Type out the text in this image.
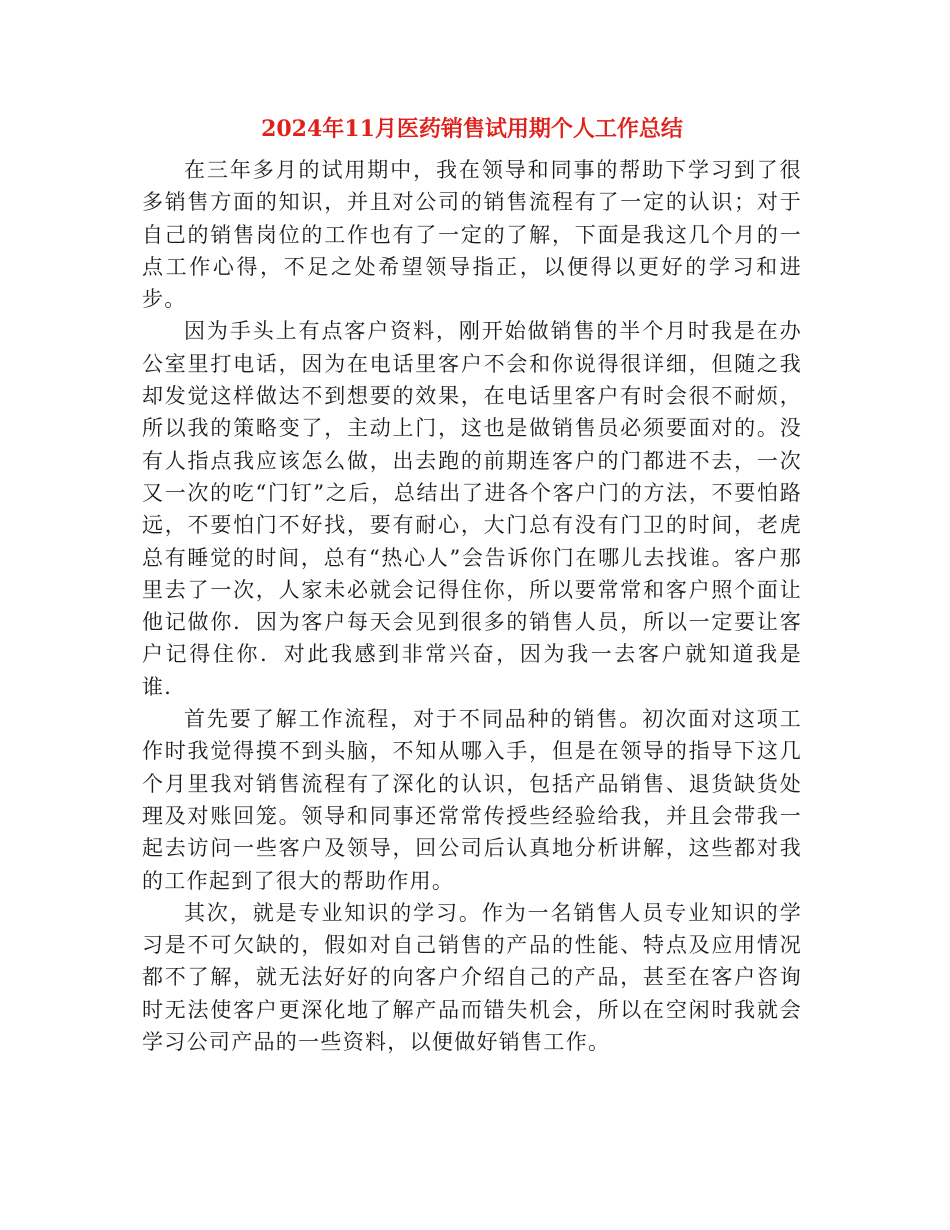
2024年11月医药销售试用期个人工作总结

在三年多月的试用期中，我在领导和同事的帮助下学习到了很多销售方面的知识，并且对公司的销售流程有了一定的认识；对于自己的销售岗位的工作也有了一定的了解，下面是我这几个月的一点工作心得，不足之处希望领导指正，以便得以更好的学习和进步。

因为手头上有点客户资料，刚开始做销售的半个月时我是在办公室里打电话，因为在电话里客户不会和你说得很详细，但随之我却发觉这样做达不到想要的效果，在电话里客户有时会很不耐烦，所以我的策略变了，主动上门，这也是做销售员必须要面对的。没有人指点我应该怎么做，出去跑的前期连客户的门都进不去，一次又一次的吃“门钉”之后，总结出了进各个客户门的方法，不要怕路远，不要怕门不好找，要有耐心，大门总有没有门卫的时间，老虎总有睡觉的时间，总有“热心人”会告诉你门在哪儿去找谁。客户那里去了一次，人家未必就会记得住你，所以要常常和客户照个面让他记做你．因为客户每天会见到很多的销售人员，所以一定要让客户记得住你．对此我感到非常兴奋，因为我一去客户就知道我是谁．

首先要了解工作流程，对于不同品种的销售。初次面对这项工作时我觉得摸不到头脑，不知从哪入手，但是在领导的指导下这几个月里我对销售流程有了深化的认识，包括产品销售、退货缺货处理及对账回笼。领导和同事还常常传授些经验给我，并且会带我一起去访问一些客户及领导，回公司后认真地分析讲解，这些都对我的工作起到了很大的帮助作用。

其次，就是专业知识的学习。作为一名销售人员专业知识的学习是不可欠缺的，假如对自己销售的产品的性能、特点及应用情况都不了解，就无法好好的向客户介绍自己的产品，甚至在客户咨询时无法使客户更深化地了解产品而错失机会，所以在空闲时我就会学习公司产品的一些资料，以便做好销售工作。
